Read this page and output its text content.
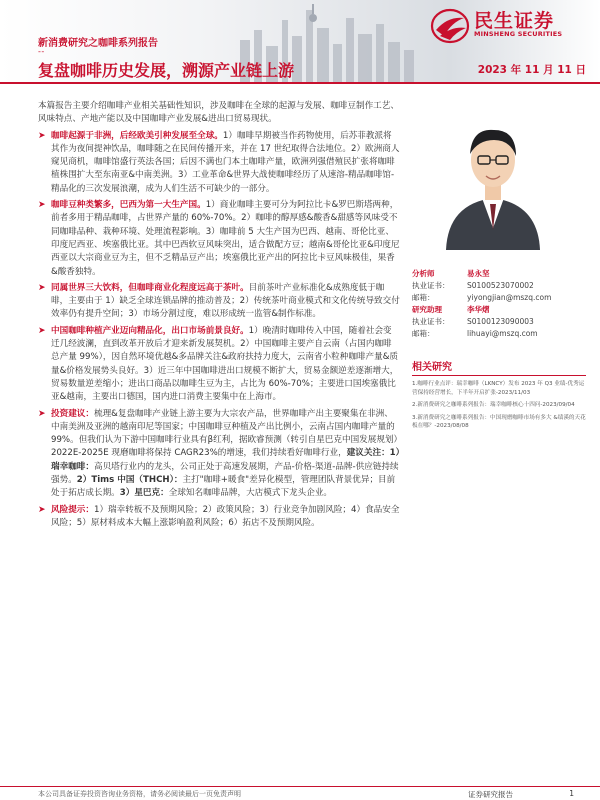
民生证券
MINSHENG SECURITIES
新消费研究之咖啡系列报告
- -
复盘咖啡历史发展，溯源产业链上游	2023 年 11 月 11 日

本篇报告主要介绍咖啡产业相关基础性知识，涉及咖啡在全球的起源与发展、咖啡豆制作工艺、风味特点、产地产能以及中国咖啡产业发展&进出口贸易现状。

➤ 咖啡起源于非洲，后经欧美引种发展至全球。1）咖啡早期被当作药物使用，后苏菲教派将其作为夜间提神饮品，咖啡随之在民间传播开来，并在 17 世纪取得合法地位。2）欧洲商人窥见商机，咖啡馆盛行英法各国；后因不满也门本土咖啡产量，欧洲列强借殖民扩张将咖啡植株围扩大至东南亚&中南美洲。3）工业革命&世界大战使咖啡经历了从速溶-精品咖啡馆-精品化的三次发展浪潮，成为人们生活不可缺少的一部分。
➤ 咖啡豆种类繁多，巴西为第一大生产国。1）商业咖啡主要可分为阿拉比卡&罗巴斯塔两种，前者多用于精品咖啡，占世界产量的 60%-70%。2）咖啡的醇厚感&酸香&甜感等风味受不同咖啡品种、栽种环境、处理流程影响。3）咖啡前 5 大生产国为巴西、越南、哥伦比亚、印度尼西亚、埃塞俄比亚。其中巴西软豆风味突出，适合做配方豆；越南&哥伦比亚&印度尼西亚以大宗商业豆为主，但不乏精品豆产出；埃塞俄比亚产出的阿拉比卡豆风味极佳，果香&酸香独特。
➤ 同属世界三大饮料，但咖啡商业化程度远高于茶叶。目前茶叶产业标准化&成熟度低于咖啡，主要由于 1）缺乏全球连锁品牌的推动普及；2）传统茶叶商业模式和文化传统导致交付效率仍有提升空间；3）市场分割过度，难以形成统一监管&制作标准。
➤ 中国咖啡种植产业迈向精品化，出口市场前景良好。1）晚清时咖啡传入中国，随着社会变迁几经波澜，直到改革开放后才迎来新发展契机。2）中国咖啡主要产自云南（占国内咖啡总产量 99%），因自然环境优越&多品牌关注&政府扶持力度大，云南省小粒种咖啡产量&质量&价格发展势头良好。3）近三年中国咖啡进出口规模不断扩大，贸易金额逆差逐渐增大，贸易数量逆差缩小；进出口商品以咖啡生豆为主，占比为 60%-70%；主要进口国埃塞俄比亚&越南，主要出口德国，国内进口消费主要集中在上海市。
➤ 投资建议：梳理&复盘咖啡产业链上游主要为大宗农产品，世界咖啡产出主要聚集在非洲、中南美洲及亚洲的越南印尼等国家；中国咖啡豆种植及产出比例小，云南占国内咖啡产量的 99%。但我们认为下游中国咖啡行业具有β红利，据欧睿预测（转引自星巴克中国发展规划）2022E-2025E 现磨咖啡将保持 CAGR23%的增速，我们持续看好咖啡行业，建议关注：1）瑞幸咖啡：高贝塔行业内的龙头，公司正处于高速发展期，产品-价格-渠道-品牌-供应链持续强势。2）Tims 中国（THCH）：主打"咖啡+暖食"差异化模型，管理团队背景优异；目前处于拓店成长期。3）星巴克：全球知名咖啡品牌，大店模式下龙头企业。
➤ 风险提示：1）瑞幸转板不及预期风险；2）政策风险；3）行业竞争加剧风险；4）食品安全风险；5）原材料成本大幅上涨影响盈利风险；6）拓店不及预期风险。
分析师	易永坚
执业证书：	S0100523070002
邮箱：	yiyongjian@mszq.com
研究助理	李华熠
执业证书：	S0100123090003
邮箱：	lihuayi@mszq.com
相关研究
1.咖啡行业点评：瑞幸咖啡（LKNCY）发布 2023 年 Q3 业绩-优秀运营保持经营增长，下半年开启扩张-2023/11/03
2.新消费研究之咖啡系列报告：瑞幸咖啡核心十四问-2023/09/04
3.新消费研究之咖啡系列报告：中国现磨咖啡市场有多大 &绩溪的天花板在哪？-2023/08/08
本公司具备证券投资咨询业务资格，请务必阅读最后一页免责声明	证券研究报告	1
